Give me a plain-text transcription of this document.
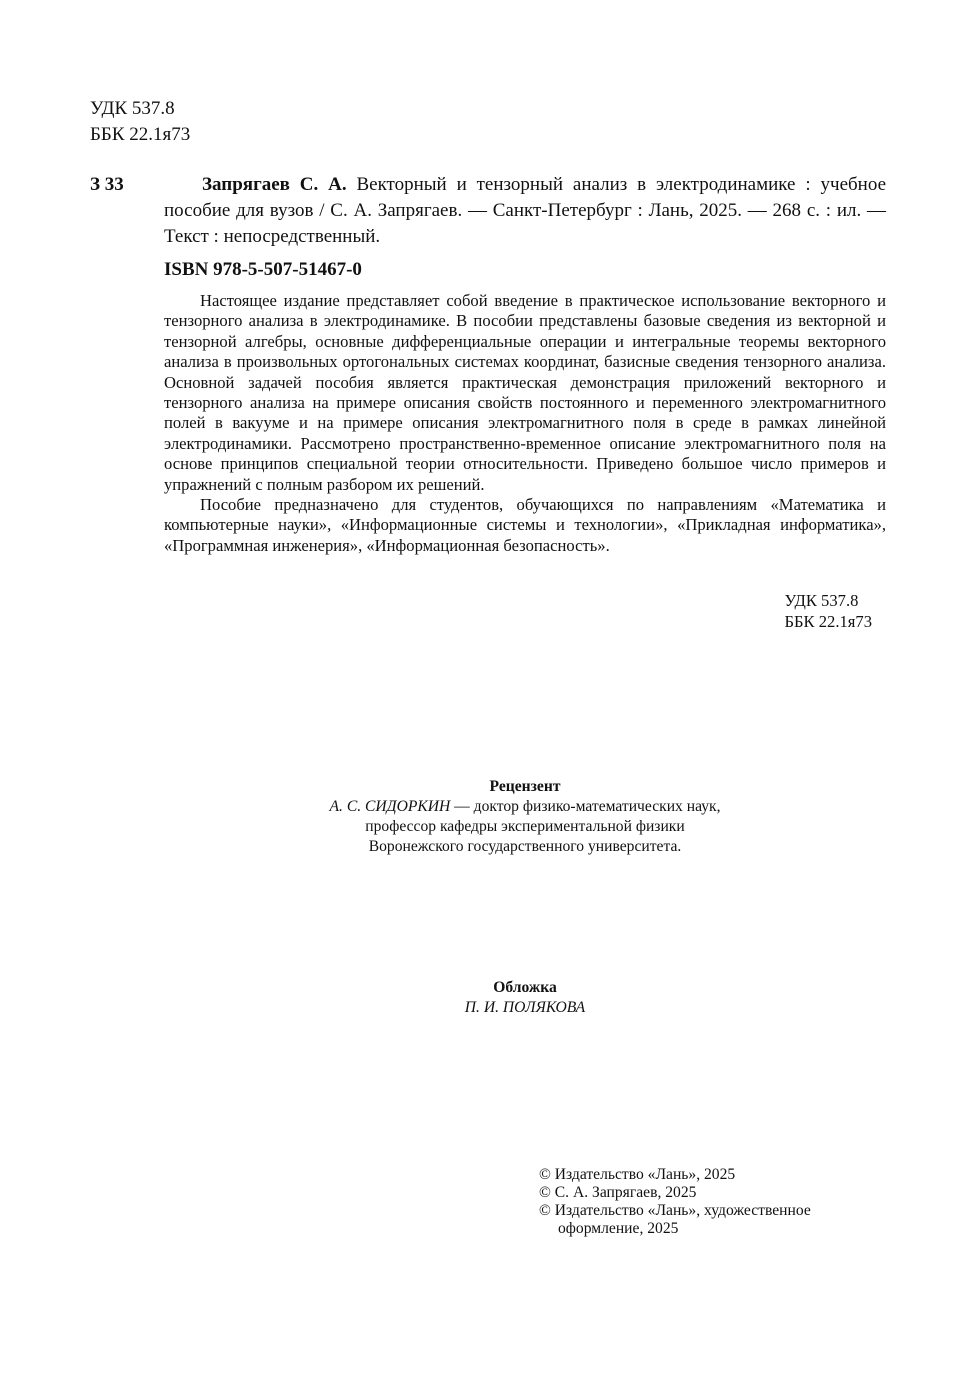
УДК 537.8
ББК 22.1я73
З 33	Запрягаев С. А. Векторный и тензорный анализ в электродинамике : учебное пособие для вузов / С. А. Запрягаев. — Санкт-Петербург : Лань, 2025. — 268 с. : ил. — Текст : непосредственный.
ISBN 978-5-507-51467-0

Настоящее издание представляет собой введение в практическое использование векторного и тензорного анализа в электродинамике. В пособии представлены базовые сведения из векторной и тензорной алгебры, основные дифференциальные операции и интегральные теоремы векторного анализа в произвольных ортогональных системах координат, базисные сведения тензорного анализа. Основной задачей пособия является практическая демонстрация приложений векторного и тензорного анализа на примере описания свойств постоянного и переменного электромагнитного полей в вакууме и на примере описания электромагнитного поля в среде в рамках линейной электродинамики. Рассмотрено пространственно-временное описание электромагнитного поля на основе принципов специальной теории относительности. Приведено большое число примеров и упражнений с полным разбором их решений.

Пособие предназначено для студентов, обучающихся по направлениям «Математика и компьютерные науки», «Информационные системы и технологии», «Прикладная информатика», «Программная инженерия», «Информационная безопасность».

УДК 537.8
ББК 22.1я73
Рецензент
А. С. СИДОРКИН — доктор физико-математических наук,
профессор кафедры экспериментальной физики
Воронежского государственного университета.
Обложка
П. И. ПОЛЯКОВА
© Издательство «Лань», 2025
© С. А. Запрягаев, 2025
© Издательство «Лань», художественное
оформление, 2025
